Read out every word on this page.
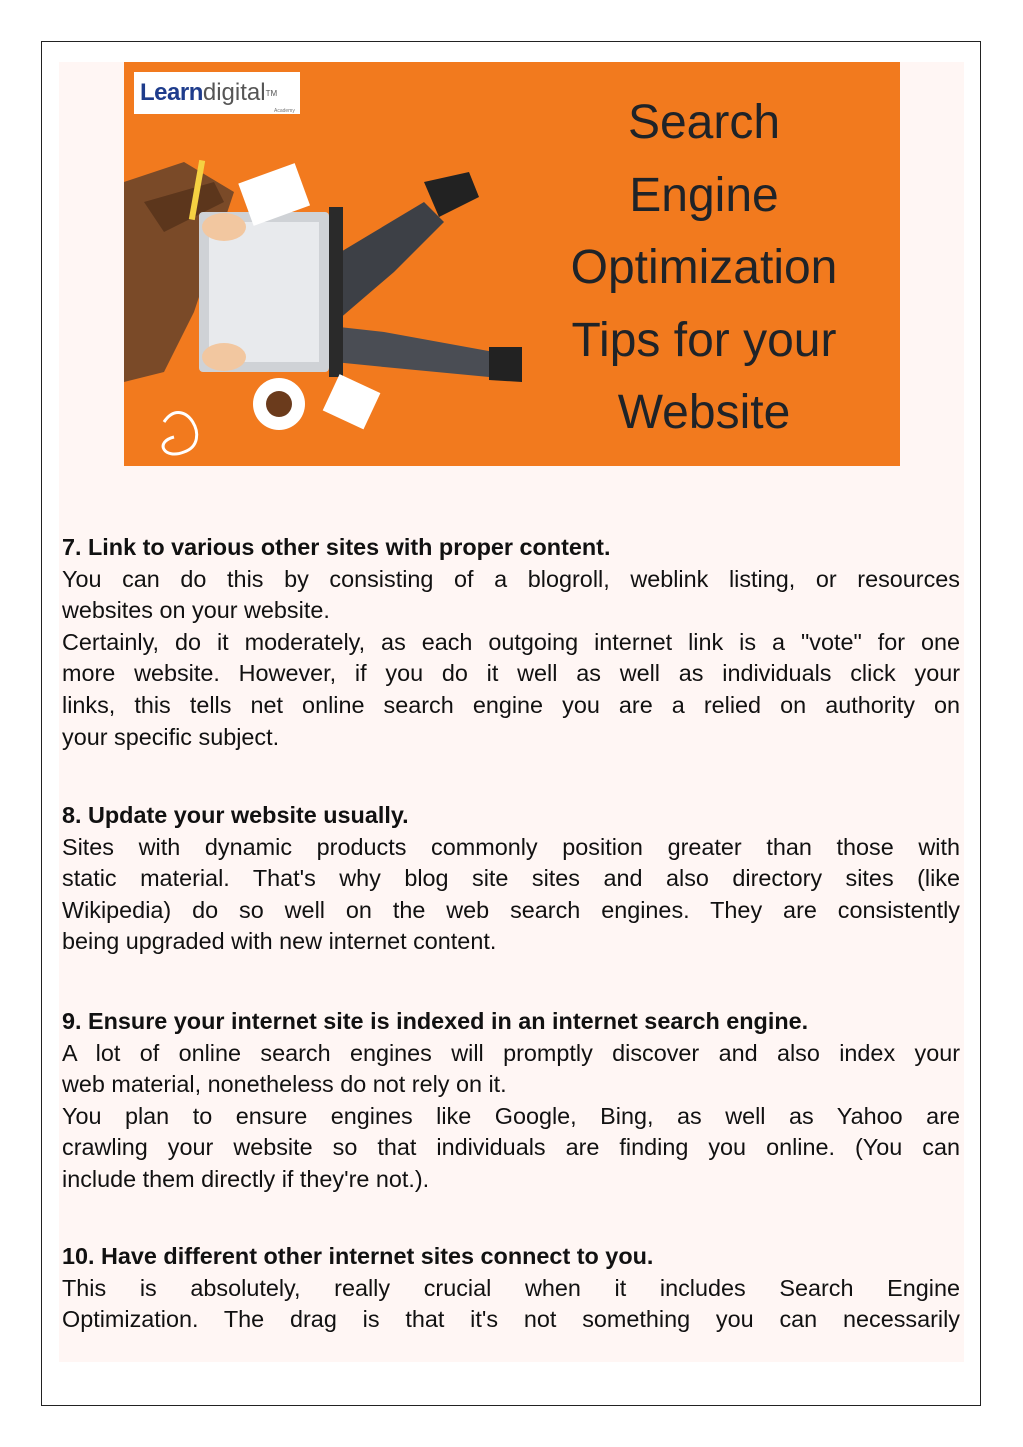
Learn digital TM
Academy	Search
Engine
Optimization
Tips for your
Website
7. Link to various other sites with proper content.

You can do this by consisting of a blogroll, weblink listing, or resources

websites on your website.

Certainly, do it moderately, as each outgoing internet link is a "vote" for one

more website. However, if you do it well as well as individuals click your

links, this tells net online search engine you are a relied on authority on

your specific subject.

8. Update your website usually.

Sites with dynamic products commonly position greater than those with

static material. That's why blog site sites and also directory sites (like

Wikipedia) do so well on the web search engines. They are consistently

being upgraded with new internet content.

9. Ensure your internet site is indexed in an internet search engine.

A lot of online search engines will promptly discover and also index your

web material, nonetheless do not rely on it.

You plan to ensure engines like Google, Bing, as well as Yahoo are

crawling your website so that individuals are finding you online. (You can

include them directly if they're not.).

10. Have different other internet sites connect to you.

This is absolutely, really crucial when it includes Search Engine

Optimization. The drag is that it's not something you can necessarily
